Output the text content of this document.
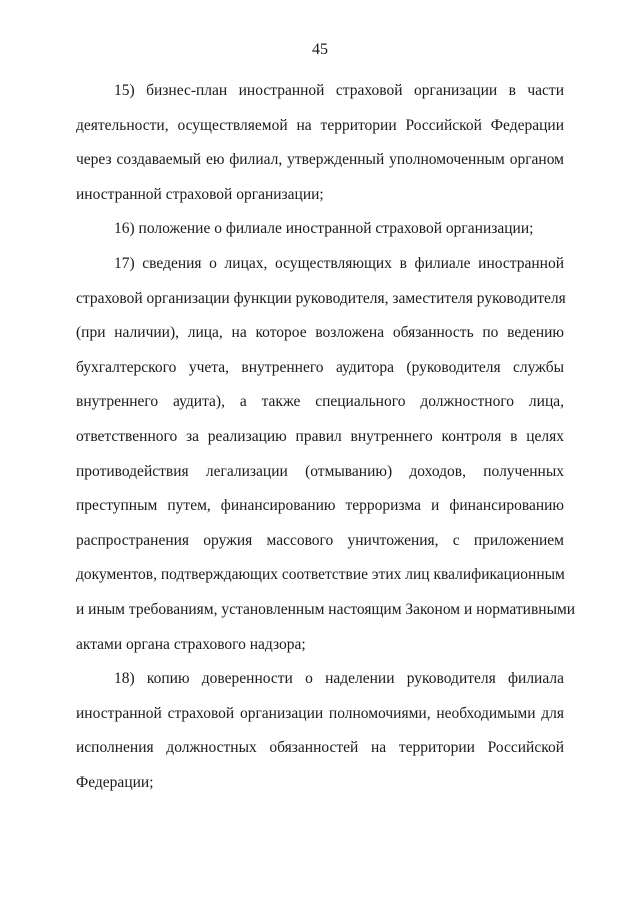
45

15) бизнес-план иностранной страховой организации в части
деятельности, осуществляемой на территории Российской Федерации
через создаваемый ею филиал, утвержденный уполномоченным органом
иностранной страховой организации;

16) положение о филиале иностранной страховой организации;

17) сведения о лицах, осуществляющих в филиале иностранной
страховой организации функции руководителя, заместителя руководителя
(при наличии), лица, на которое возложена обязанность по ведению
бухгалтерского учета, внутреннего аудитора (руководителя службы
внутреннего аудита), а также специального должностного лица,
ответственного за реализацию правил внутреннего контроля в целях
противодействия легализации (отмыванию) доходов, полученных
преступным путем, финансированию терроризма и финансированию
распространения оружия массового уничтожения, с приложением
документов, подтверждающих соответствие этих лиц квалификационным
и иным требованиям, установленным настоящим Законом и нормативными
актами органа страхового надзора;

18) копию доверенности о наделении руководителя филиала
иностранной страховой организации полномочиями, необходимыми для
исполнения должностных обязанностей на территории Российской
Федерации;
